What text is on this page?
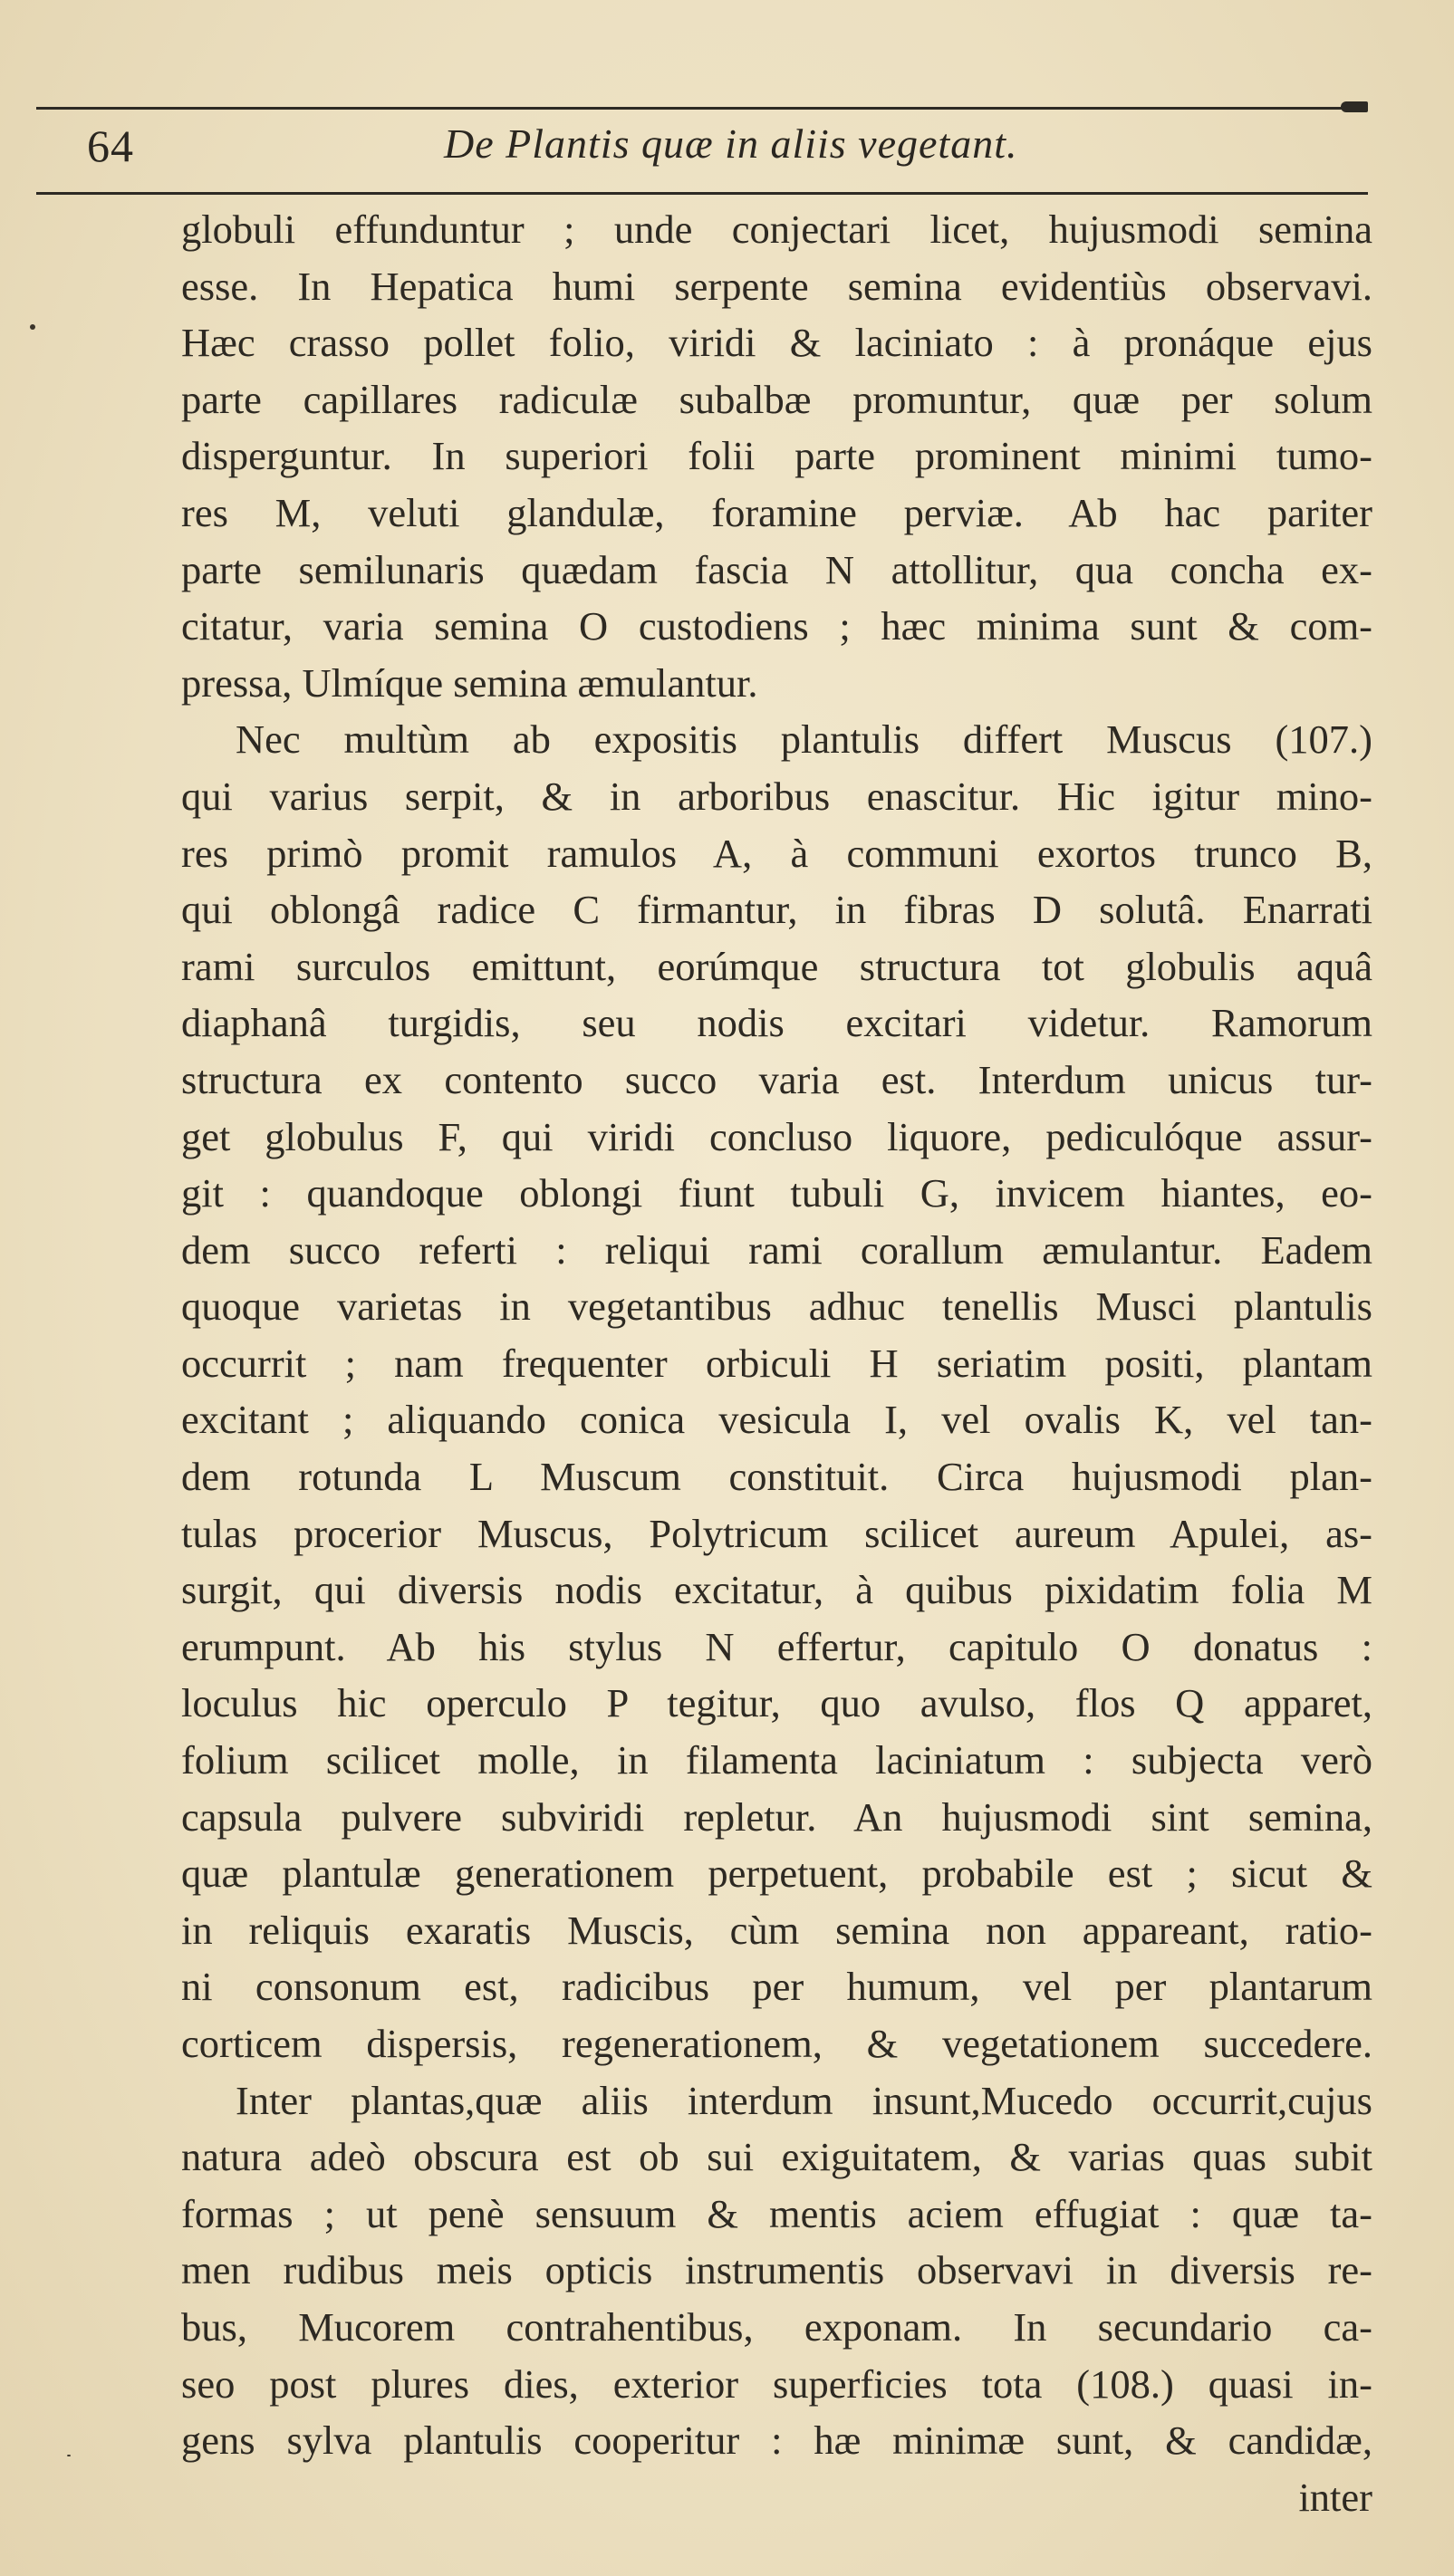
64	De Plantis quæ in aliis vegetant.
globuli effunduntur ; unde conjectari licet, hujusmodi semina
esse. In Hepatica humi serpente semina evidentiùs observavi.
Hæc crasso pollet folio, viridi & laciniato : à pronáque ejus
parte capillares radiculæ subalbæ promuntur, quæ per solum
disperguntur. In superiori folii parte prominent minimi tumo-
res M, veluti glandulæ, foramine perviæ. Ab hac pariter
parte semilunaris quædam fascia N attollitur, qua concha ex-
citatur, varia semina O custodiens ; hæc minima sunt & com-
pressa, Ulmíque semina æmulantur.
Nec multùm ab expositis plantulis differt Muscus (107.)
qui varius serpit, & in arboribus enascitur. Hic igitur mino-
res primò promit ramulos A, à communi exortos trunco B,
qui oblongâ radice C firmantur, in fibras D solutâ. Enarrati
rami surculos emittunt, eorúmque structura tot globulis aquâ
diaphanâ turgidis, seu nodis excitari videtur. Ramorum
structura ex contento succo varia est. Interdum unicus tur-
get globulus F, qui viridi concluso liquore, pediculóque assur-
git : quandoque oblongi fiunt tubuli G, invicem hiantes, eo-
dem succo referti : reliqui rami corallum æmulantur. Eadem
quoque varietas in vegetantibus adhuc tenellis Musci plantulis
occurrit ; nam frequenter orbiculi H seriatim positi, plantam
excitant ; aliquando conica vesicula I, vel ovalis K, vel tan-
dem rotunda L Muscum constituit. Circa hujusmodi plan-
tulas procerior Muscus, Polytricum scilicet aureum Apulei, as-
surgit, qui diversis nodis excitatur, à quibus pixidatim folia M
erumpunt. Ab his stylus N effertur, capitulo O donatus :
loculus hic operculo P tegitur, quo avulso, flos Q apparet,
folium scilicet molle, in filamenta laciniatum : subjecta verò
capsula pulvere subviridi repletur. An hujusmodi sint semina,
quæ plantulæ generationem perpetuent, probabile est ; sicut &
in reliquis exaratis Muscis, cùm semina non appareant, ratio-
ni consonum est, radicibus per humum, vel per plantarum
corticem dispersis, regenerationem, & vegetationem succedere.
Inter plantas,quæ aliis interdum insunt,Mucedo occurrit,cujus
natura adeò obscura est ob sui exiguitatem, & varias quas subit
formas ; ut penè sensuum & mentis aciem effugiat : quæ ta-
men rudibus meis opticis instrumentis observavi in diversis re-
bus, Mucorem contrahentibus, exponam. In secundario ca-
seo post plures dies, exterior superficies tota (108.) quasi in-
gens sylva plantulis cooperitur : hæ minimæ sunt, & candidæ,
inter
